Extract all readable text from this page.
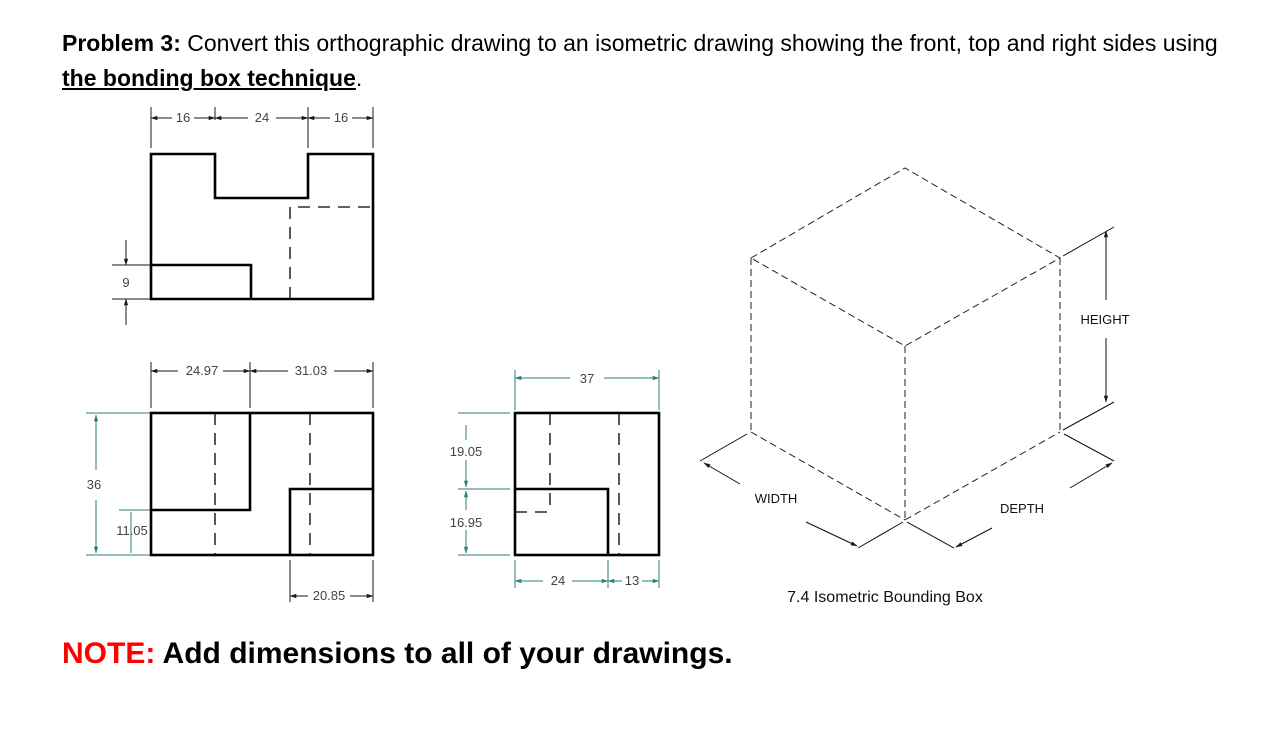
Problem 3: Convert this orthographic drawing to an isometric drawing showing the front, top and right sides using the bonding box technique.
16	24	16
9
24.97	31.03
36
11.05
20.85
37
19.05
16.95
24	13
WIDTH
DEPTH
HEIGHT
7.4 Isometric Bounding Box
NOTE: Add dimensions to all of your drawings.
